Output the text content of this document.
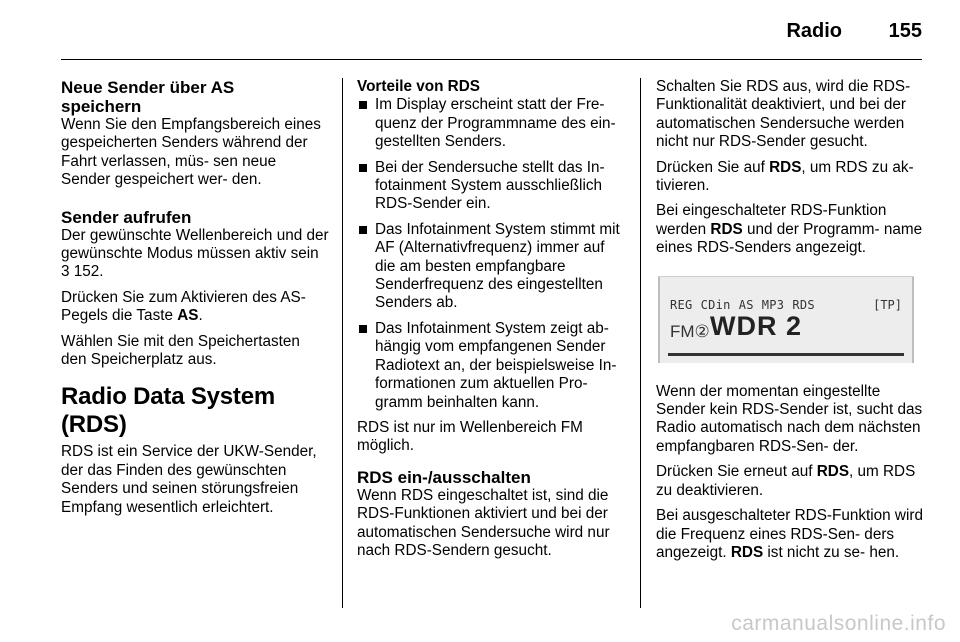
Radio 155
Neue Sender über AS
speichern
Wenn Sie den Empfangsbereich eines gespeicherten Senders während der Fahrt verlassen, müs- sen neue Sender gespeichert wer- den.
Sender aufrufen
Der gewünschte Wellenbereich und der gewünschte Modus müssen aktiv sein 3 152.
Drücken Sie zum Aktivieren des AS- Pegels die Taste AS.
Wählen Sie mit den Speichertasten den Speicherplatz aus.
Radio Data System (RDS)
RDS ist ein Service der UKW-Sender, der das Finden des gewünschten Senders und seinen störungsfreien Empfang wesentlich erleichtert.
Vorteile von RDS
Im Display erscheint statt der Fre- quenz der Programmname des ein- gestellten Senders.
Bei der Sendersuche stellt das In- fotainment System ausschließlich RDS-Sender ein.
Das Infotainment System stimmt mit AF (Alternativfrequenz) immer auf die am besten empfangbare Senderfrequenz des eingestellten Senders ab.
Das Infotainment System zeigt ab- hängig vom empfangenen Sender Radiotext an, der beispielsweise In- formationen zum aktuellen Pro- gramm beinhalten kann.
RDS ist nur im Wellenbereich FM möglich.
RDS ein-/ausschalten
Wenn RDS eingeschaltet ist, sind die RDS-Funktionen aktiviert und bei der automatischen Sendersuche wird nur nach RDS-Sendern gesucht.
Schalten Sie RDS aus, wird die RDS- Funktionalität deaktiviert, und bei der automatischen Sendersuche werden nicht nur RDS-Sender gesucht.
Drücken Sie auf RDS, um RDS zu ak- tivieren.
Bei eingeschalteter RDS-Funktion werden RDS und der Programm- name eines RDS-Senders angezeigt.
REG CDin AS MP3 RDS	[TP]
FM② WDR 2
Wenn der momentan eingestellte Sender kein RDS-Sender ist, sucht das Radio automatisch nach dem nächsten empfangbaren RDS-Sen- der.
Drücken Sie erneut auf RDS, um RDS zu deaktivieren.
Bei ausgeschalteter RDS-Funktion wird die Frequenz eines RDS-Sen- ders angezeigt. RDS ist nicht zu se- hen.
carmanualsonline.info
